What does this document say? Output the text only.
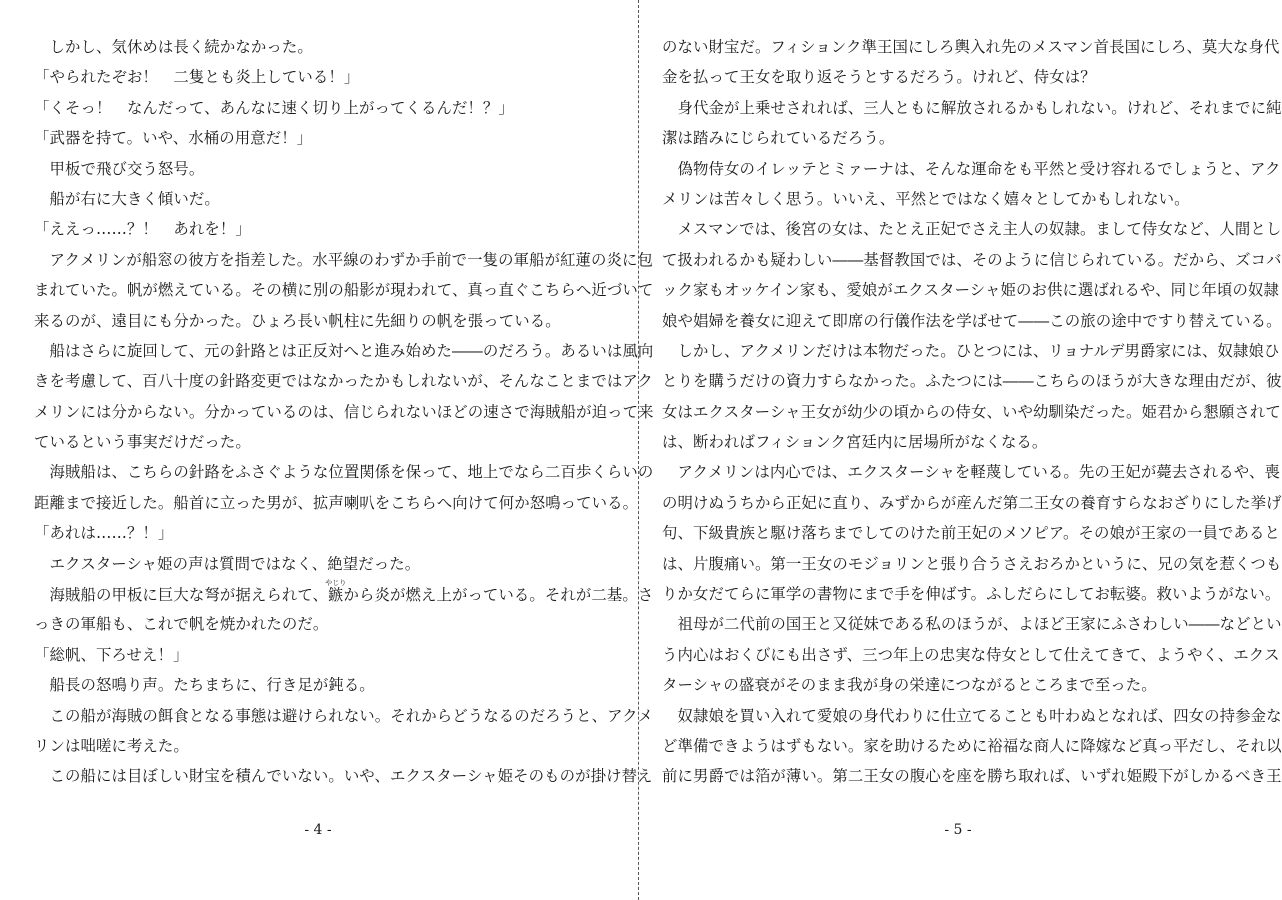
　しかし、気休めは長く続かなかった。
「やられたぞお！　二隻とも炎上している！」
「くそっ！　なんだって、あんなに速く切り上がってくるんだ！？」
「武器を持て。いや、水桶の用意だ！」
　甲板で飛び交う怒号。
　船が右に大きく傾いだ。
「ええっ……？！　あれを！」
　アクメリンが船窓の彼方を指差した。水平線のわずか手前で一隻の軍船が紅蓮の炎に包
まれていた。帆が燃えている。その横に別の船影が現われて、真っ直ぐこちらへ近づいて
来るのが、遠目にも分かった。ひょろ長い帆柱に先細りの帆を張っている。
　船はさらに旋回して、元の針路とは正反対へと進み始めた――のだろう。あるいは風向
きを考慮して、百八十度の針路変更ではなかったかもしれないが、そんなことまではアク
メリンには分からない。分かっているのは、信じられないほどの速さで海賊船が迫って来
ているという事実だけだった。
　海賊船は、こちらの針路をふさぐような位置関係を保って、地上でなら二百歩くらいの
距離まで接近した。船首に立った男が、拡声喇叭をこちらへ向けて何か怒鳴っている。
「あれは……？！」
　エクスターシャ姫の声は質問ではなく、絶望だった。
　海賊船の甲板に巨大な弩が据えられて、鏃やじりから炎が燃え上がっている。それが二基。さ
っきの軍船も、これで帆を焼かれたのだ。
「総帆、下ろせえ！」
　船長の怒鳴り声。たちまちに、行き足が鈍る。
　この船が海賊の餌食となる事態は避けられない。それからどうなるのだろうと、アクメ
リンは咄嗟に考えた。
　この船には目ぼしい財宝を積んでいない。いや、エクスターシャ姫そのものが掛け替え
- 4 -
のない財宝だ。フィションク準王国にしろ輿入れ先のメスマン首長国にしろ、莫大な身代
金を払って王女を取り返そうとするだろう。けれど、侍女は？
　身代金が上乗せされれば、三人ともに解放されるかもしれない。けれど、それまでに純
潔は踏みにじられているだろう。
　偽物侍女のイレッテとミァーナは、そんな運命をも平然と受け容れるでしょうと、アク
メリンは苦々しく思う。いいえ、平然とではなく嬉々としてかもしれない。
　メスマンでは、後宮の女は、たとえ正妃でさえ主人の奴隷。まして侍女など、人間とし
て扱われるかも疑わしい――基督教国では、そのように信じられている。だから、ズコバ
ック家もオッケイン家も、愛娘がエクスターシャ姫のお供に選ばれるや、同じ年頃の奴隷
娘や娼婦を養女に迎えて即席の行儀作法を学ばせて――この旅の途中ですり替えている。
　しかし、アクメリンだけは本物だった。ひとつには、リョナルデ男爵家には、奴隷娘ひ
とりを購うだけの資力すらなかった。ふたつには――こちらのほうが大きな理由だが、彼
女はエクスターシャ王女が幼少の頃からの侍女、いや幼馴染だった。姫君から懇願されて
は、断わればフィションク宮廷内に居場所がなくなる。
　アクメリンは内心では、エクスターシャを軽蔑している。先の王妃が薨去されるや、喪
の明けぬうちから正妃に直り、みずからが産んだ第二王女の養育すらなおざりにした挙げ
句、下級貴族と駆け落ちまでしてのけた前王妃のメソピア。その娘が王家の一員であると
は、片腹痛い。第一王女のモジョリンと張り合うさえおろかというに、兄の気を惹くつも
りか女だてらに軍学の書物にまで手を伸ばす。ふしだらにしてお転婆。救いようがない。
　祖母が二代前の国王と又従妹である私のほうが、よほど王家にふさわしい――などとい
う内心はおくびにも出さず、三つ年上の忠実な侍女として仕えてきて、ようやく、エクス
ターシャの盛衰がそのまま我が身の栄達につながるところまで至った。
　奴隷娘を買い入れて愛娘の身代わりに仕立てることも叶わぬとなれば、四女の持参金な
ど準備できようはずもない。家を助けるために裕福な商人に降嫁など真っ平だし、それ以
前に男爵では箔が薄い。第二王女の腹心を座を勝ち取れば、いずれ姫殿下がしかるべき王
- 5 -
